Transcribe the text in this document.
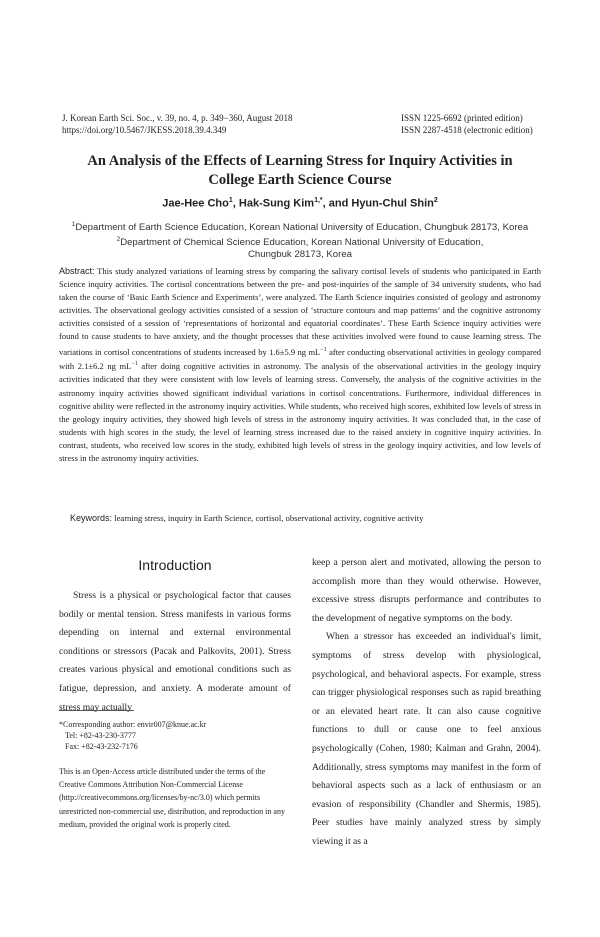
J. Korean Earth Sci. Soc., v. 39, no. 4, p. 349−360, August 2018
https://doi.org/10.5467/JKESS.2018.39.4.349
ISSN 1225-6692 (printed edition)
ISSN 2287-4518 (electronic edition)
An Analysis of the Effects of Learning Stress for Inquiry Activities in
College Earth Science Course
Jae-Hee Cho$^1$, Hak-Sung Kim$^{1,*}$, and Hyun-Chul Shin$^2$
$^1$Department of Earth Science Education, Korean National University of Education, Chungbuk 28173, Korea
$^2$Department of Chemical Science Education, Korean National University of Education,
Chungbuk 28173, Korea
Abstract: This study analyzed variations of learning stress by comparing the salivary cortisol levels of students who participated in Earth Science inquiry activities. The cortisol concentrations between the pre- and post-inquiries of the sample of 34 university students, who had taken the course of ‘Basic Earth Science and Experiments’, were analyzed. The Earth Science inquiries consisted of geology and astronomy activities. The observational geology activities consisted of a session of ‘structure contours and map patterns’ and the cognitive astronomy activities consisted of a session of ‘representations of horizontal and equatorial coordinates’. These Earth Science inquiry activities were found to cause students to have anxiety, and the thought processes that these activities involved were found to cause learning stress. The variations in cortisol concentrations of students increased by 1.6±5.9 ng $mL^{-1}$ after conducting observational activities in geology compared with 2.1±6.2 ng $mL^{-1}$ after doing cognitive activities in astronomy. The analysis of the observational activities in the geology inquiry activities indicated that they were consistent with low levels of learning stress. Conversely, the analysis of the cognitive activities in the astronomy inquiry activities showed significant individual variations in cortisol concentrations. Furthermore, individual differences in cognitive ability were reflected in the astronomy inquiry activities. While students, who received high scores, exhibited low levels of stress in the geology inquiry activities, they showed high levels of stress in the astronomy inquiry activities. It was concluded that, in the case of students with high scores in the study, the level of learning stress increased due to the raised anxiety in cognitive inquiry activities. In contrast, students, who received low scores in the study, exhibited high levels of stress in the geology inquiry activities, and low levels of stress in the astronomy inquiry activities.
Keywords: learning stress, inquiry in Earth Science, cortisol, observational activity, cognitive activity
Introduction

Stress is a physical or psychological factor that causes bodily or mental tension. Stress manifests in various forms depending on internal and external environmental conditions or stressors (Pacak and Palkovits, 2001). Stress creates various physical and emotional conditions such as fatigue, depression, and anxiety. A moderate amount of stress may actually

keep a person alert and motivated, allowing the person to accomplish more than they would otherwise. However, excessive stress disrupts performance and contributes to the development of negative symptoms on the body.

When a stressor has exceeded an individual's limit, symptoms of stress develop with physiological, psychological, and behavioral aspects. For example, stress can trigger physiological responses such as rapid breathing or an elevated heart rate. It can also cause cognitive functions to dull or cause one to feel anxious psychologically (Cohen, 1980; Kalman and Grahn, 2004). Additionally, stress symptoms may manifest in the form of behavioral aspects such as a lack of enthusiasm or an evasion of responsibility (Chandler and Shermis, 1985). Peer studies have mainly analyzed stress by simply viewing it as a

*Corresponding author: envir007@knue.ac.kr
Tel: +82-43-230-3777
Fax: +82-43-232-7176
This is an Open-Access article distributed under the terms of the Creative Commons Attribution Non-Commercial License (http://creativecommons.org/licenses/by-nc/3.0) which permits unrestricted non-commercial use, distribution, and reproduction in any medium, provided the original work is properly cited.
